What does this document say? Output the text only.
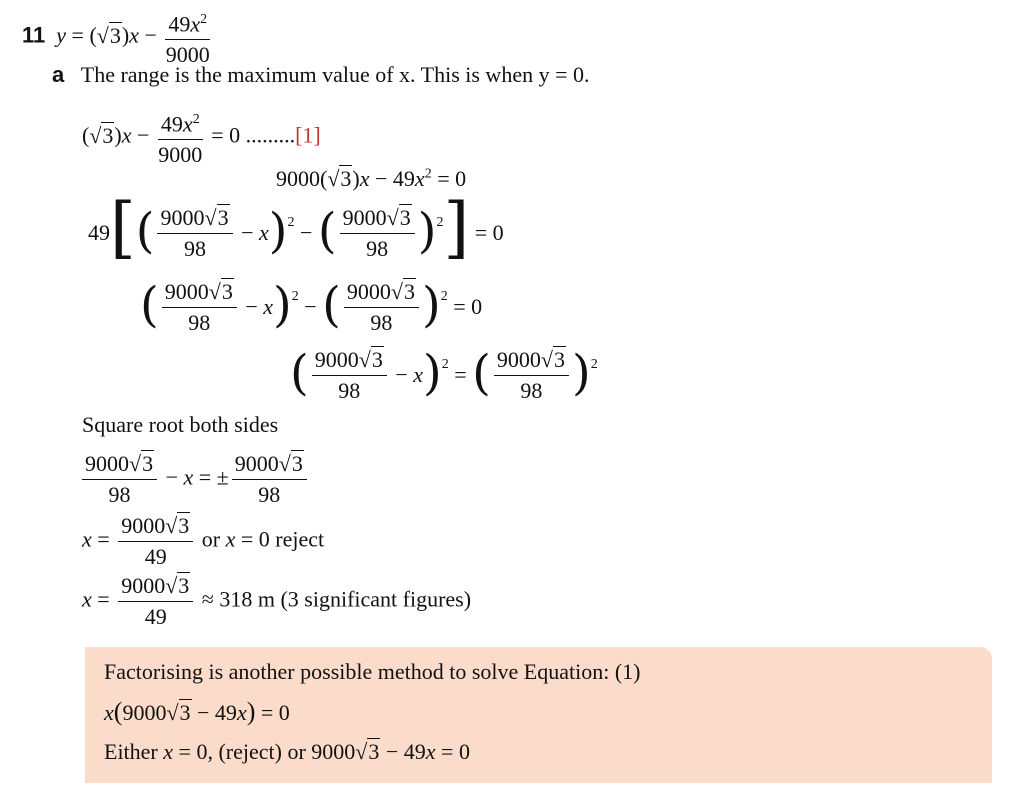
11  $y = (√3)x - \frac{49x^2}{9000}$
a The range is the maximum value of x. This is when y = 0.
$(√3)x - \frac{49x^2}{9000} = 0$ .........[1]
$9000(√3)x - 49x^2 = 0$
49 [ ( $\frac{9000√3}{98} - x$ ) 2 − ( $\frac{9000√3}{98}$ ) 2 ] = 0
( $\frac{9000√3}{98} - x$ ) 2 − ( $\frac{9000√3}{98}$ ) 2 = 0
( $\frac{9000√3}{98} - x$ ) 2 = ( $\frac{9000√3}{98}$ ) 2
Square root both sides
$\frac{9000√3}{98} - x$ = ± $\frac{9000√3}{98}$
$x = \frac{9000√3}{49}$ or x = 0 reject
$x = \frac{9000√3}{49} \approx 318$ m (3 significant figures)
Factorising is another possible method to solve Equation: (1)
x(9000√3 − 49x) = 0
Either x = 0, (reject) or 9000√3 − 49x = 0
